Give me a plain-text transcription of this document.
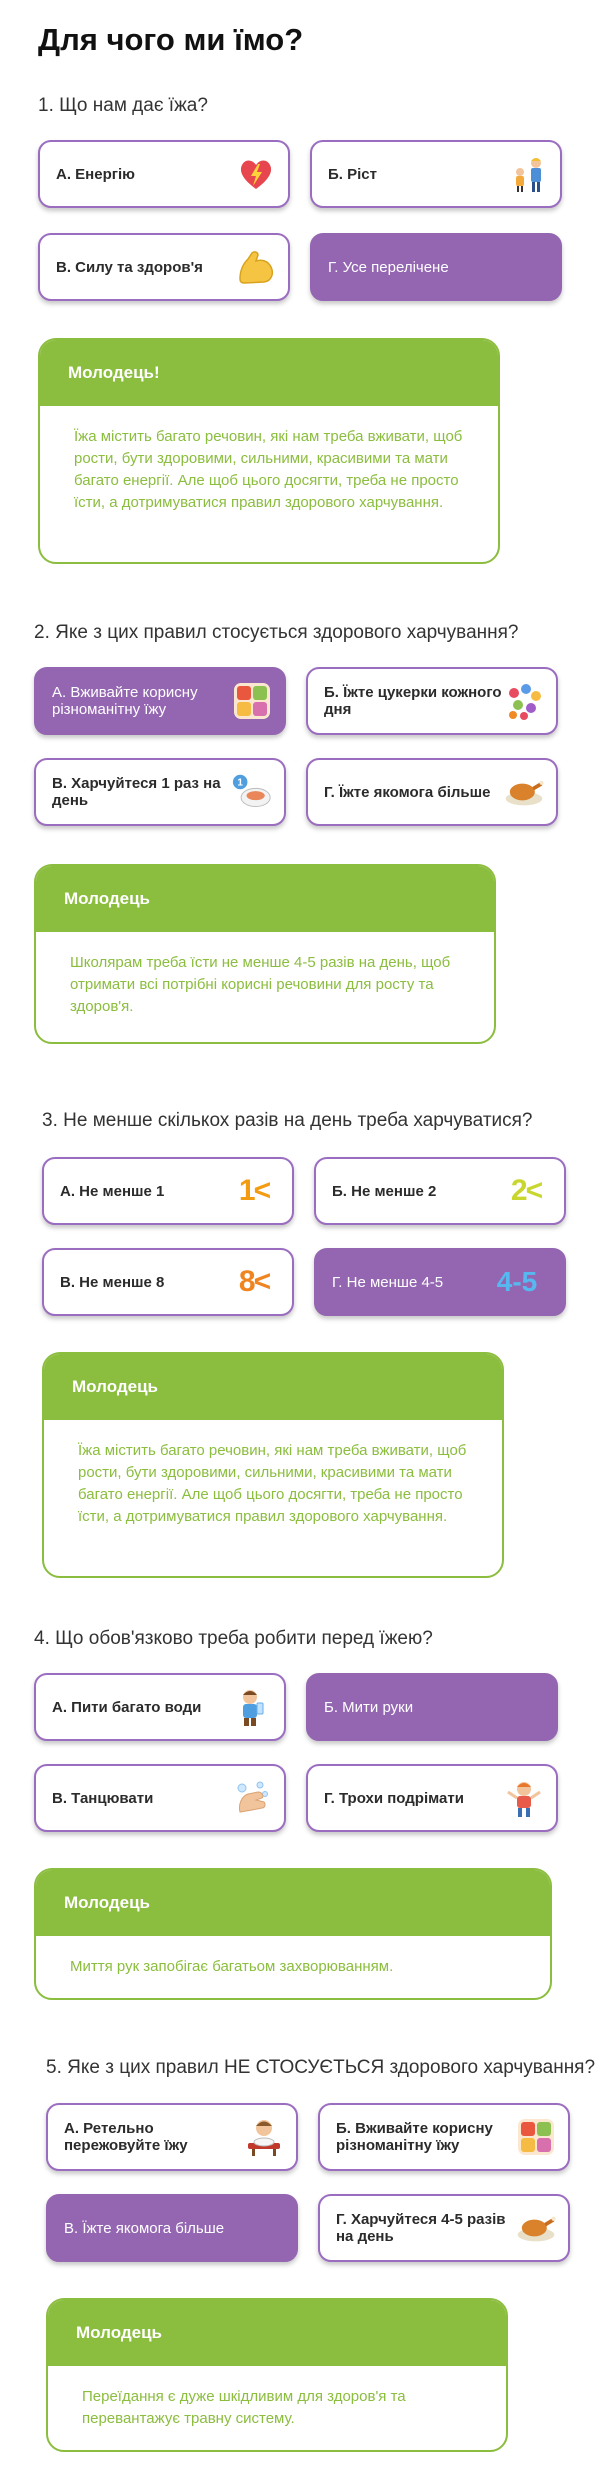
Для чого ми їмо?
1. Що нам дає їжа?
А. Енергію	Б. Ріст
В. Силу та здоров'я	Г. Усе перелічене
Молодець!
Їжа містить багато речовин, які нам треба вживати, щоб рости, бути здоровими, сильними, красивими та мати багато енергії. Але щоб цього досягти, треба не просто їсти, а дотримуватися правил здорового харчування.
2. Яке з цих правил стосується здорового харчування?
А. Вживайте корисну різноманітну їжу
Б. Їжте цукерки кожного дня
В. Харчуйтеся 1 раз на день
1
Г. Їжте якомога більше
Молодець
Школярам треба їсти не менше 4-5 разів на день, щоб отримати всі потрібні корисні речовини для росту та здоров'я.
3. Не менше скількох разів на день треба харчуватися?
А. Не менше 1	1<	Б. Не менше 2	2<
В. Не менше 8	8<	Г. Не менше 4-5	4-5
Молодець
Їжа містить багато речовин, які нам треба вживати, щоб рости, бути здоровими, сильними, красивими та мати багато енергії. Але щоб цього досягти, треба не просто їсти, а дотримуватися правил здорового харчування.
4. Що обов'язково треба робити перед їжею?
А. Пити багато води	Б. Мити руки
В. Танцювати	Г. Трохи подрімати
Молодець
Миття рук запобігає багатьом захворюванням.
5. Яке з цих правил НЕ СТОСУЄТЬСЯ здорового харчування?
А. Ретельно пережовуйте їжу
Б. Вживайте корисну різноманітну їжу
В. Їжте якомога більше	Г. Харчуйтеся 4-5 разів на день
Молодець
Переїдання є дуже шкідливим для здоров'я та перевантажує травну систему.
